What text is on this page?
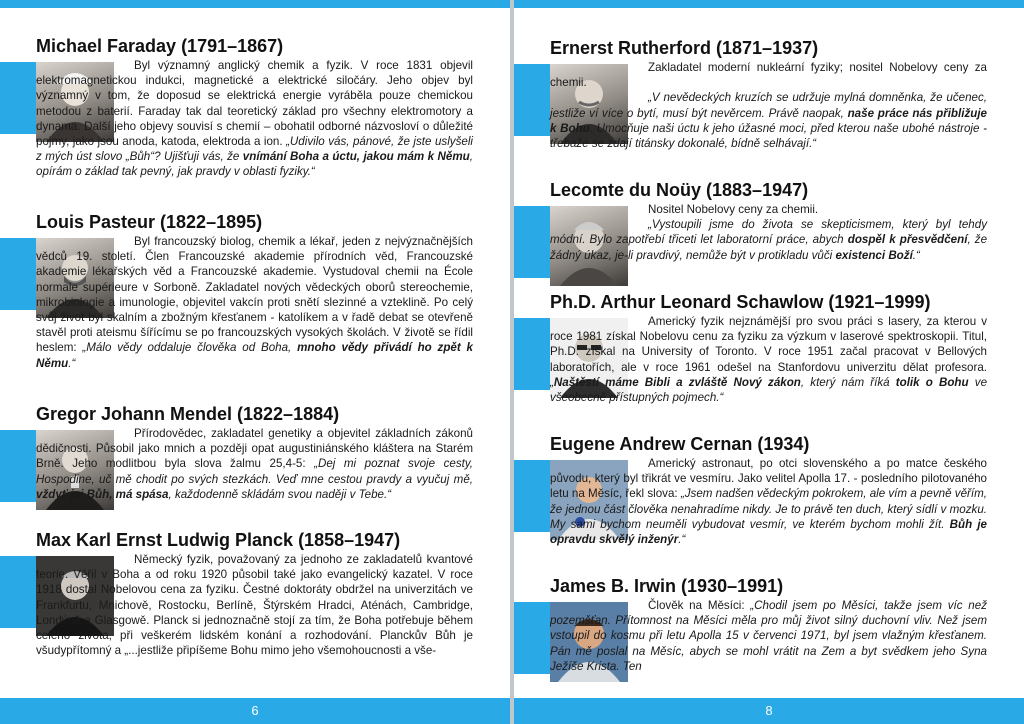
Michael Faraday (1791–1867)
Byl významný anglický chemik a fyzik. V roce 1831 objevil elektromagnetickou indukci, magnetické a elektrické siločáry. Jeho objev byl významný v tom, že doposud se elektrická energie vyráběla pouze chemickou metodou z baterií. Faraday tak dal teoretický základ pro všechny elektromotory a dynama. Další jeho objevy souvisí s chemií – obohatil odborné názvosloví o důležité pojmy, jako jsou anoda, katoda, elektroda a ion. „Udivilo vás, pánové, že jste uslyšeli z mých úst slovo „Bůh“? Ujišťuji vás, že vnímání Boha a úctu, jakou mám k Němu, opírám o základ tak pevný, jak pravdy v oblasti fyziky.“
Louis Pasteur (1822–1895)
Byl francouzský biolog, chemik a lékař, jeden z nejvýznačnějších vědců 19. století. Člen Francouzské akademie přírodních věd, Francouzské akademie lékařských věd a Francouzské akademie. Vystudoval chemii na École normale supérieure v Sorboně. Zakladatel nových vědeckých oborů stereochemie, mikrobiologie a imunologie, objevitel vakcín proti snětí slezinné a vzteklině. Po celý svůj život byl skalním a zbožným křesťanem - katolíkem a v řadě debat se otevřeně stavěl proti ateismu šířícímu se po francouzských vysokých školách. V životě se řídil heslem: „Málo vědy oddaluje člověka od Boha, mnoho vědy přivádí ho zpět k Němu.“
Gregor Johann Mendel (1822–1884)
Přírodovědec, zakladatel genetiky a objevitel základních zákonů dědičnosti. Působil jako mnich a později opat augustiniánského kláštera na Starém Brně. Jeho modlitbou byla slova žalmu 25,4-5: „Dej mi poznat svoje cesty, Hospodine, uč mě chodit po svých stezkách. Veď mne cestou pravdy a vyučuj mě, vždyť jsi Bůh, má spása, každodenně skládám svou naději v Tebe.“
Max Karl Ernst Ludwig Planck (1858–1947)
Německý fyzik, považovaný za jednoho ze zakladatelů kvantové teorie. Věřil v Boha a od roku 1920 působil také jako evangelický kazatel. V roce 1918 dostal Nobelovou cena za fyziku. Čestné doktoráty obdržel na univerzitách ve Frankfurtu, Mnichově, Rostocku, Berlíně, Štýrském Hradci, Aténách, Cambridge, Londýně a Glasgowě. Planck si jednoznačně stojí za tím, že Boha potřebuje během celého života, při veškerém lidském konání a rozhodování. Planckův Bůh je všudypřítomný a „...jestliže připíšeme Bohu mimo jeho všemohoucnosti a vše-
6
Ernerst Rutherford (1871–1937)
Zakladatel moderní nukleární fyziky; nositel Nobelovy ceny za chemii.
„V nevědeckých kruzích se udržuje mylná domněnka, že učenec, jestliže ví více o bytí, musí být nevěrcem. Právě naopak, naše práce nás přibližuje k Bohu. Umocňuje naši úctu k jeho úžasné moci, před kterou naše ubohé nástroje - třebaže se zdají titánsky dokonalé, bídně selhávají.“
Lecomte du Noüy (1883–1947)
Nositel Nobelovy ceny za chemii.
„Vystoupili jsme do života se skepticismem, který byl tehdy módní. Bylo zapotřebí třiceti let laboratorní práce, abych dospěl k přesvědčení, že žádný úkaz, je-li pravdivý, nemůže být v protikladu vůči existenci Boží.“
Ph.D. Arthur Leonard Schawlow (1921–1999)
Americký fyzik nejznámější pro svou práci s lasery, za kterou v roce 1981 získal Nobelovu cenu za fyziku za výzkum v laserové spektroskopii. Titul, Ph.D. získal na University of Toronto. V roce 1951 začal pracovat v Bellových laboratořích, ale v roce 1961 odešel na Stanfordovu univerzitu dělat profesora. „Naštěstí máme Bibli a zvláště Nový zákon, který nám říká tolik o Bohu ve všeobecně přístupných pojmech.“
Eugene Andrew Cernan (1934)
Americký astronaut, po otci slovenského a po matce českého původu, který byl třikrát ve vesmíru. Jako velitel Apolla 17. - posledního pilotovaného letu na Měsíc, řekl slova: „Jsem nadšen vědeckým pokrokem, ale vím a pevně věřím, že jednou část člověka nenahradíme nikdy. Je to právě ten duch, který sídlí v mozku. My sami bychom neuměli vybudovat vesmír, ve kterém bychom mohli žít. Bůh je opravdu skvělý inženýr.“
James B. Irwin (1930–1991)
Člověk na Měsíci: „Chodil jsem po Měsíci, takže jsem víc než pozemšťan. Přítomnost na Měsíci měla pro můj život silný duchovní vliv. Než jsem vstoupil do kosmu při letu Apolla 15 v červenci 1971, byl jsem vlažným křesťanem. Pán mě poslal na Měsíc, abych se mohl vrátit na Zem a byt svědkem jeho Syna Ježíše Krista. Ten
8
